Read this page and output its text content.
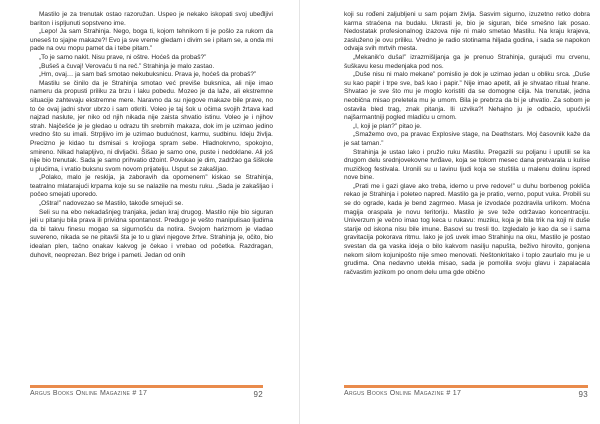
Mastilo je za trenutak ostao razoružan. Uspeo je nekako iskopati svoj ubeđljivi bariton i isplјunuti sopstveno ime.

„Lepo! Ja sam Strahinja. Nego, boga ti, kojom tehnikom ti je pošlo za rukom da uneseš to sjajne makaze?! Evo ja sve vreme gledam i divim se i pitam se, a onda mi pade na ovu mopu pamet da i tebe pitam.”

„To je samo nakit. Nisu prave, ni oštre. Hoćeš da probaš?”

„Bušeš a čuvaj! Verovaću ti na reč.” Strahinja je malo zastao.

„Hm, ovaj… ja sam baš smotao nekubuksnicu. Prava je, hoćeš da probaš?”

Mastilu se činilo da je Strahinja smotao već previše buksnica, ali nije imao nameru da propusti priliku za brzu i laku pobedu. Mozeo je da laže, ali ekstremne situacije zahtevaju ekstremne mere. Naravno da su njegove makaze bile prave, no to će ovaj jadni stvor ubrzo i sam otkriti. Voleo je taj šok u očima svojih žrtava kad najzad naslute, jer niko od njih nikada nije zaista shvatio istinu. Voleo je i njihov strah. Najčešće je je gledao u odrazu tih srebrnih makaza, dok im je uzimao jedino vredno što su imali. Strpljivo im je uzimao budućnost, karmu, sudbinu. Ideju življa. Precizno je kidao tu dsmisai s krojioga spram sebe. Hladnokrvno, spokojno, smireno. Nikad halapljivo, ni divljački. Šišao je samo one, puste i nedoklane. Ali još nije bio trenutak. Sada je samo prihvatio džoint. Povukao je dim, zadržao ga šiškole u plućima, i vratio buksnu svom novom prijatelju. Usput se zakašljao.

„Polako, malo je reskija, ja zaboravih da opomenem” kiskao se Strahinja, teatralno mlatarajući krpama koje su se nalazile na mestu ruku. „Sada je zakašljao i počeo smejati uporedo.

„Oštra!” nadovezao se Mastilo, takođe smejući se.

Seli su na ebo nekadašnjeg tranjaka, jedan kraj drugog. Mastilo nije bio siguran jeli u pitanju bila prava ili prividna spontanost. Predugo je vešto manipulisao ljudima da bi takvu finesu mogao sa sigurnošću da notira. Svojom harizmom je vladao suvereno, nikada se ne pitavši šta je to u glavi njegove žrtve. Strahinja je, očito, bio idealan plen, tačno onakav kakvog je čekao i vrebao od početka. Razdragan, duhovit, neoprezan. Bez brige i pameti. Jedan od onih

Argus Books Online Magazine # 17	92

koji su rođeni zaljubljeni u sam pojam življa. Sasvim sigurno, izuzetno retko dobra karma straćena na budalu. Ukrasti je, bio je siguran, biće smešno lak posao. Nedostatak profesionalnog izazova nije ni malo smetao Mastilu. Na kraju krajeva, zasluženo je ovu priliku. Vredno je radio stotinama hiljada godina, i sada se napokon odvaja svih mrtvih mesta.

„Mekanik'o duša!” izrazmišljanja ga je prenuo Strahinja, gurajući mu crvenu, šuškavu kesu medenjaka pod nos.

„Duše nisu ni malo mekane” pomislio je dok je uzimao jedan u obliku srca. „Duše su kao papir i trpe sve, baš kao i papir.” Nije imao apetit, ali je shvatao ritual hrane. Shvatao je sve što mu je moglo koristiti da se domogne cilja. Na trenutak, jedna neobična misao preletela mu je umom. Bila je prebrza da bi je uhvatio. Za sobom je ostavila bled trag, znak pitanja. Ili uzvika?! Nehajno ju je odbacio, upućivši najšarmantniji pogled mladiću u crnom.

„I, koji je plan?” pitao je.

„Smažemo ovo, pa pravac Explosive stage, na Deathstars. Moj časovnik kaže da je sat taman.”

Strahinja je ustao lako i pružio ruku Mastilu. Pregazili su poljanu i uputili se ka drugom delu srednjovekovne tvrđave, koja se tokom mesec dana pretvarala u kulise muzičkog festivala. Uronili su u lavinu ljudi koja se stuštila u malenu dolinu ispred nove bine.

„Prati me i gazi glave ako treba, idemo u prve redove!” u duhu borbenog pokliča rekao je Strahinja i poleteo napred. Mastilo ga je pratio, verno, poput vuka. Probili su se do ograde, kada je bend zagrmeo. Masa je izvodaće pozdravila urlikom. Moćna magija oraspala je novu teritoriju. Mastilo je sve teže održavao koncentraciju. Univerzum je večno imao tog keca u rukavu: muziku, koja je bila trik na koji ni duše starije od iskona nisu bile imune. Basovi su tresli tlo. Izgledalo je kao da se i sama gravitacija pokorava ritmu. Iako je još uvek imao Strahinju na oku, Mastilo je postao svestan da ga vaska ideja o bilo kakvom nasilju napušta, beživo hirovito, gonjena nekom silom kojunipošto nije smeo menovati. Neštonkritako i toplo zaurlalo mu je u grudima. Ona nedavno utekla misao, sada je pomolila svoju glavu i zapalacala račvastim jezikom po onom delu uma gde obično

Argus Books Online Magazine # 17	93
